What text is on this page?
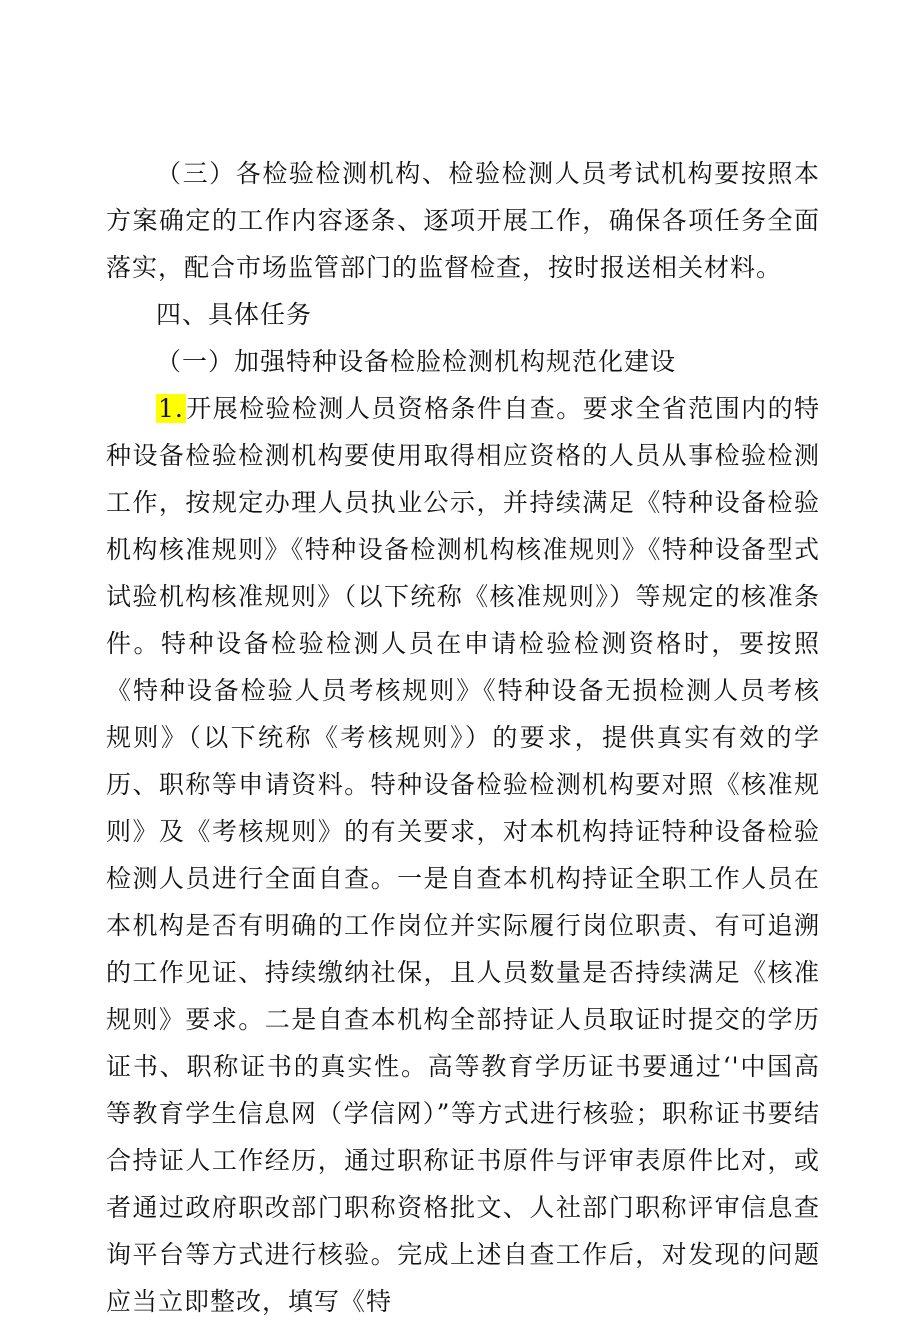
（三）各检验检测机构、检验检测人员考试机构要按照本方案确定的工作内容逐条、逐项开展工作，确保各项任务全面落实，配合市场监管部门的监督检查，按时报送相关材料。

四、具体任务

（一）加强特种设备检脸检测机构规范化建设

1.开展检验检测人员资格条件自查。要求全省范围内的特种设备检验检测机构要使用取得相应资格的人员从事检验检测工作，按规定办理人员执业公示，并持续满足《特种设备检验机构核准规则》《特种设备检测机构核准规则》《特种设备型式试验机构核准规则》（以下统称《核准规则》）等规定的核准条件。特种设备检验检测人员在申请检验检测资格时，要按照《特种设备检验人员考核规则》《特种设备无损检测人员考核规则》（以下统称《考核规则》）的要求，提供真实有效的学历、职称等申请资料。特种设备检验检测机构要对照《核准规则》及《考核规则》的有关要求，对本机构持证特种设备检验检测人员进行全面自查。一是自查本机构持证全职工作人员在本机构是否有明确的工作岗位并实际履行岗位职责、有可追溯的工作见证、持续缴纳社保，且人员数量是否持续满足《核准规则》要求。二是自查本机构全部持证人员取证时提交的学历证书、职称证书的真实性。高等教育学历证书要通过‘'中国高等教育学生信息网（学信网）”等方式进行核验；职称证书要结合持证人工作经历，通过职称证书原件与评审表原件比对，或者通过政府职改部门职称资格批文、人社部门职称评审信息查询平台等方式进行核验。完成上述自查工作后，对发现的问题应当立即整改，填写《特
